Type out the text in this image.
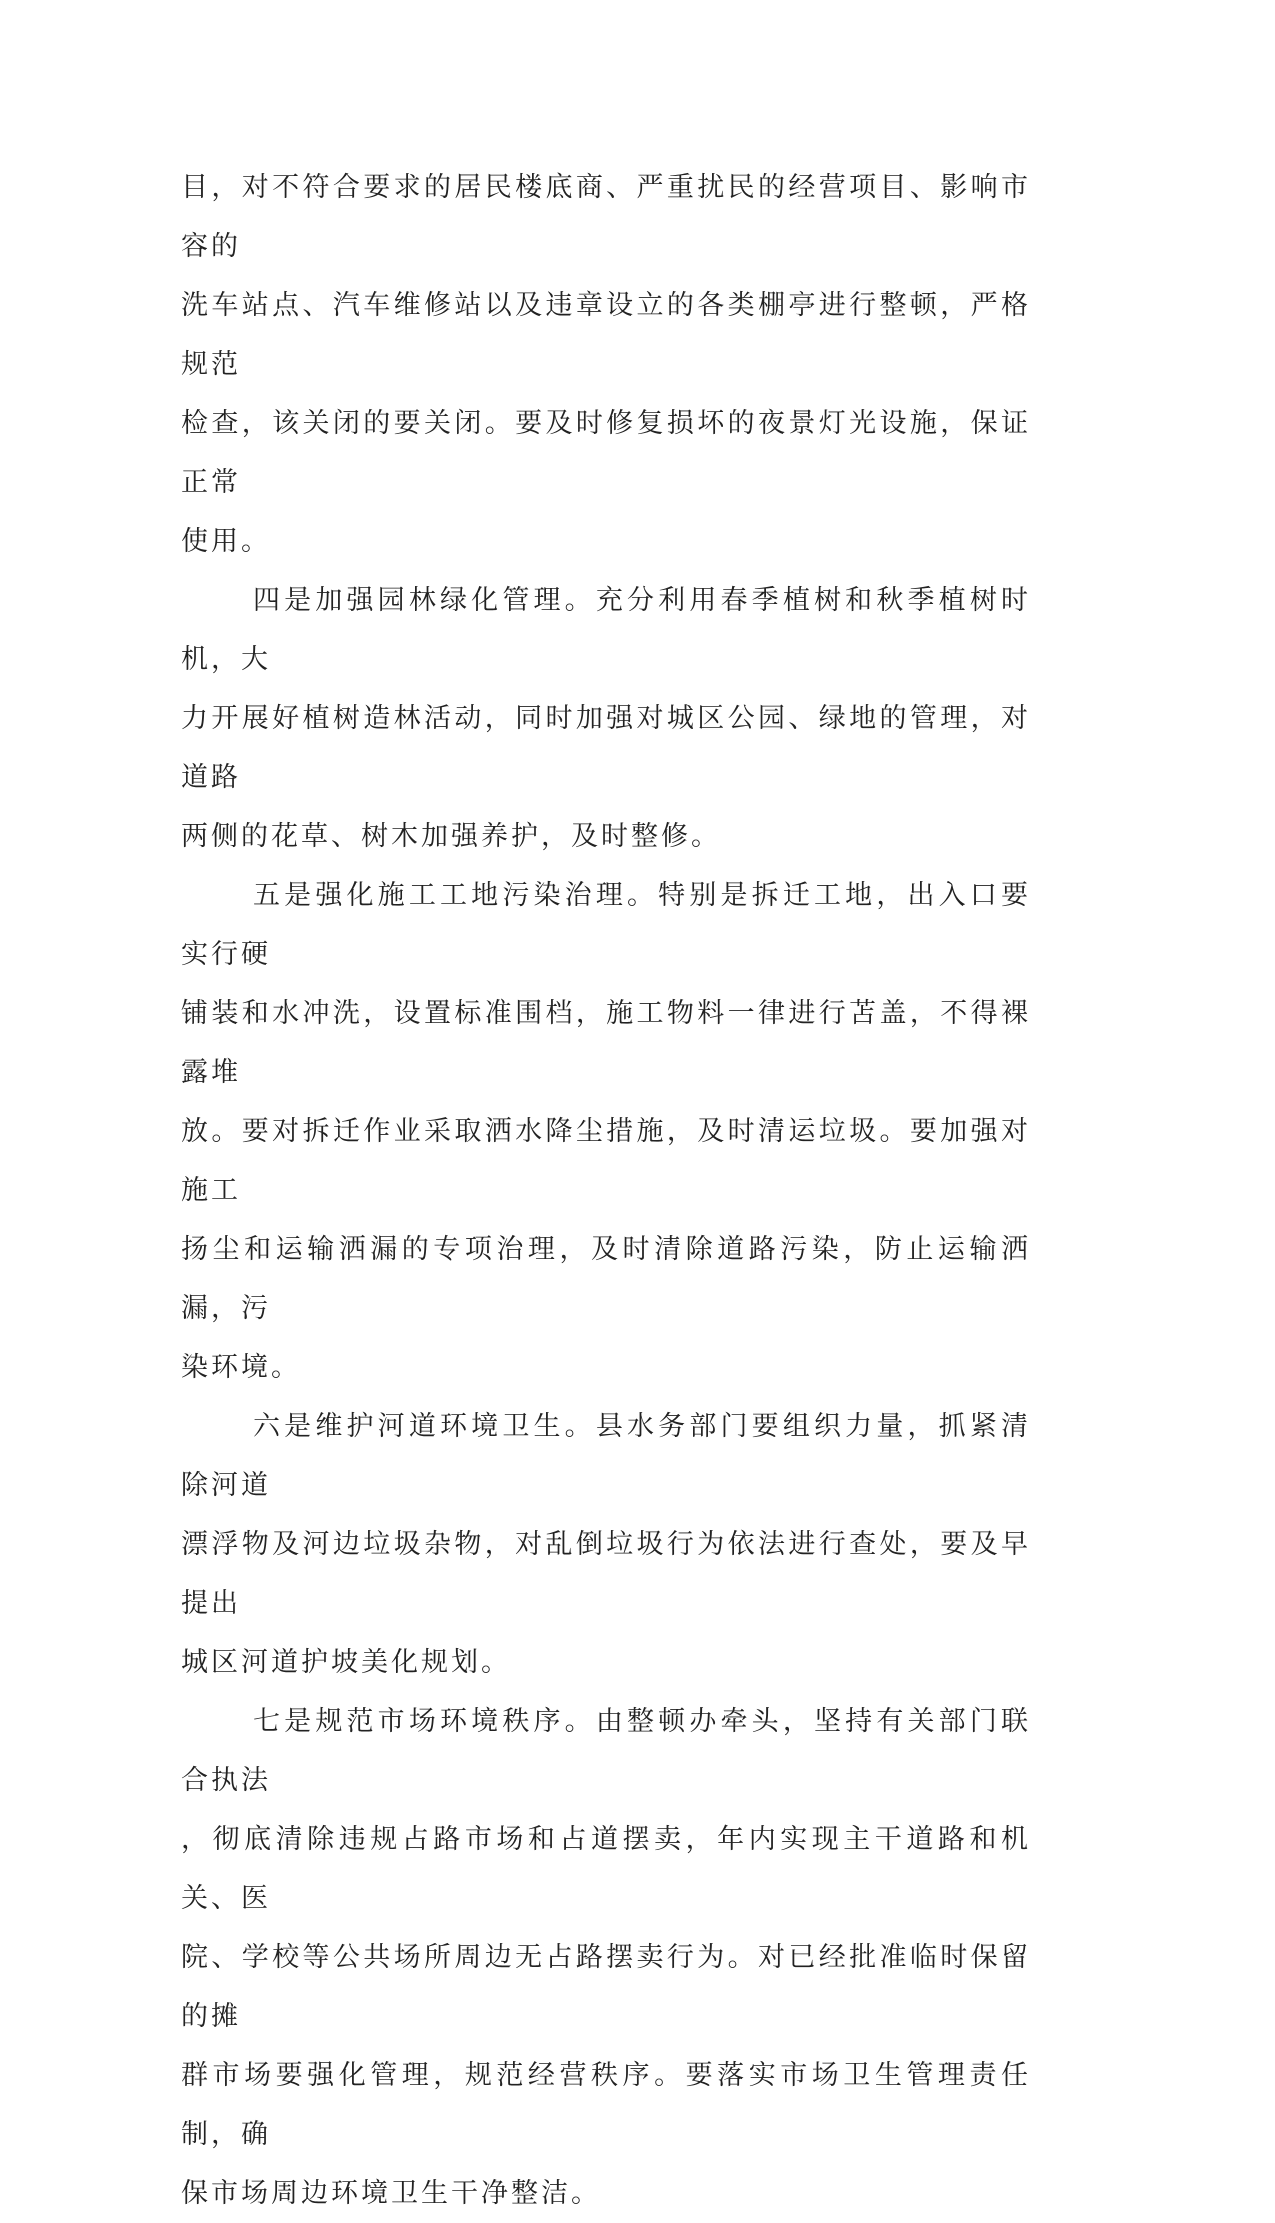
目，对不符合要求的居民楼底商、严重扰民的经营项目、影响市容的
洗车站点、汽车维修站以及违章设立的各类棚亭进行整顿，严格规范
检查，该关闭的要关闭。要及时修复损坏的夜景灯光设施，保证正常
使用。

四是加强园林绿化管理。充分利用春季植树和秋季植树时机，大
力开展好植树造林活动，同时加强对城区公园、绿地的管理，对道路
两侧的花草、树木加强养护，及时整修。

五是强化施工工地污染治理。特别是拆迁工地，出入口要实行硬
铺装和水冲洗，设置标准围档，施工物料一律进行苫盖，不得裸露堆
放。要对拆迁作业采取洒水降尘措施，及时清运垃圾。要加强对施工
扬尘和运输洒漏的专项治理，及时清除道路污染，防止运输洒漏，污
染环境。

六是维护河道环境卫生。县水务部门要组织力量，抓紧清除河道
漂浮物及河边垃圾杂物，对乱倒垃圾行为依法进行查处，要及早提出
城区河道护坡美化规划。

七是规范市场环境秩序。由整顿办牵头，坚持有关部门联合执法
，彻底清除违规占路市场和占道摆卖，年内实现主干道路和机关、医
院、学校等公共场所周边无占路摆卖行为。对已经批准临时保留的摊
群市场要强化管理，规范经营秩序。要落实市场卫生管理责任制，确
保市场周边环境卫生干净整洁。
